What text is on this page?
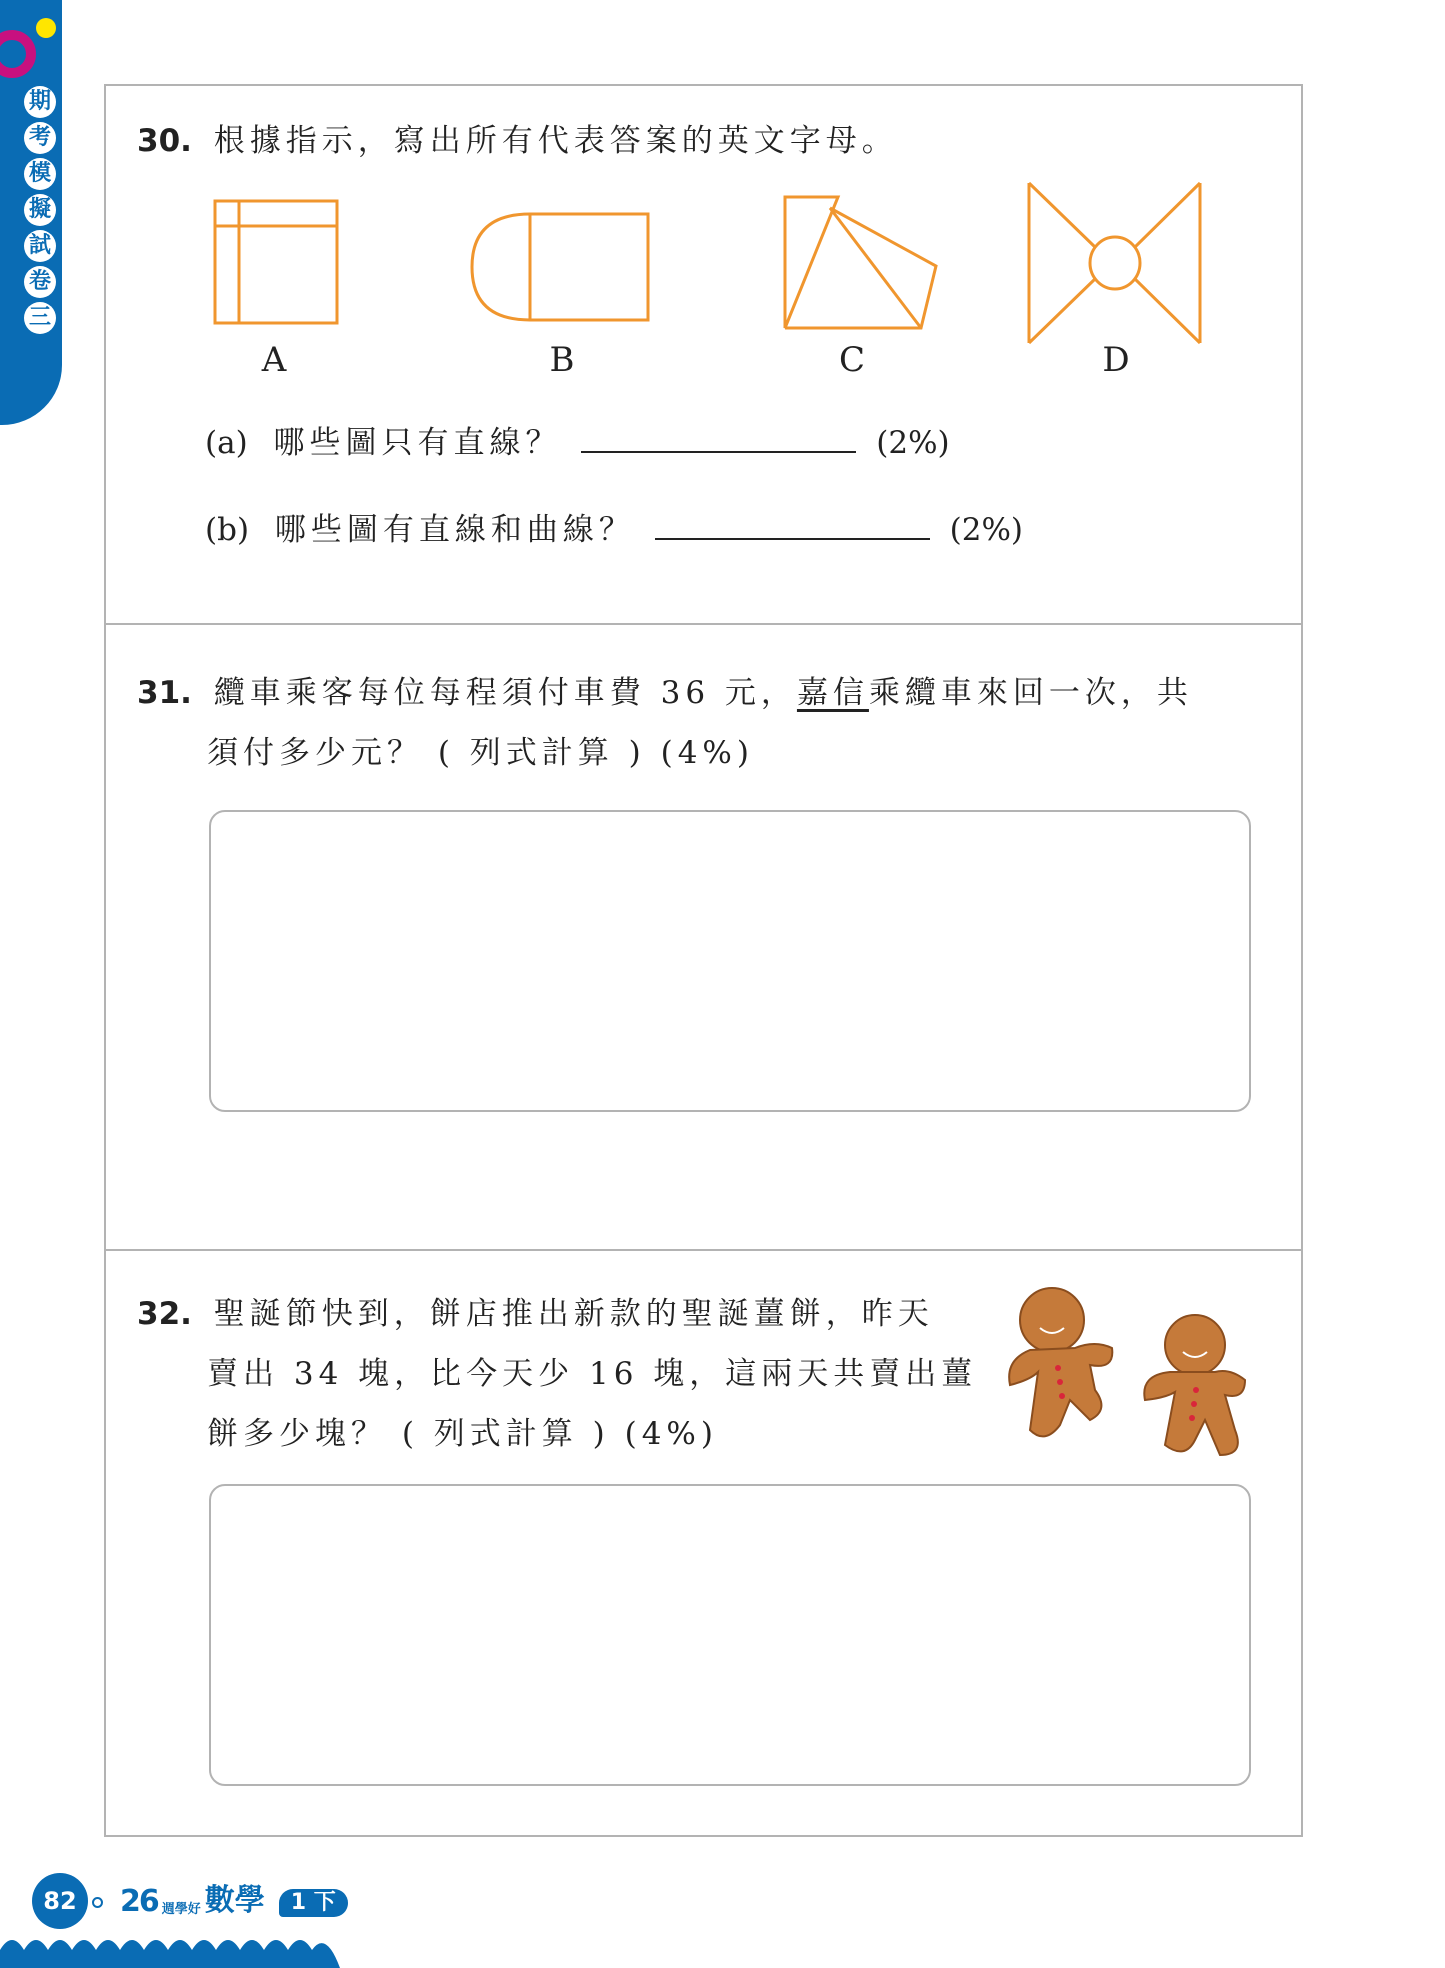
期
考
模
擬
試
卷
三
30. 根據指示，寫出所有代表答案的英文字母。
A	B	C	D
(a) 哪些圖只有直線？	(2%)
(b) 哪些圖有直線和曲線？	(2%)
31. 纜車乘客每位每程須付車費 36 元，嘉信乘纜車來回一次，共
須付多少元？ ( 列式計算 ) (4%)
32. 聖誕節快到，餅店推出新款的聖誕薑餅，昨天
賣出 34 塊，比今天少 16 塊，這兩天共賣出薑
餅多少塊？ ( 列式計算 ) (4%)
82	26 週學好 數學	1 下
